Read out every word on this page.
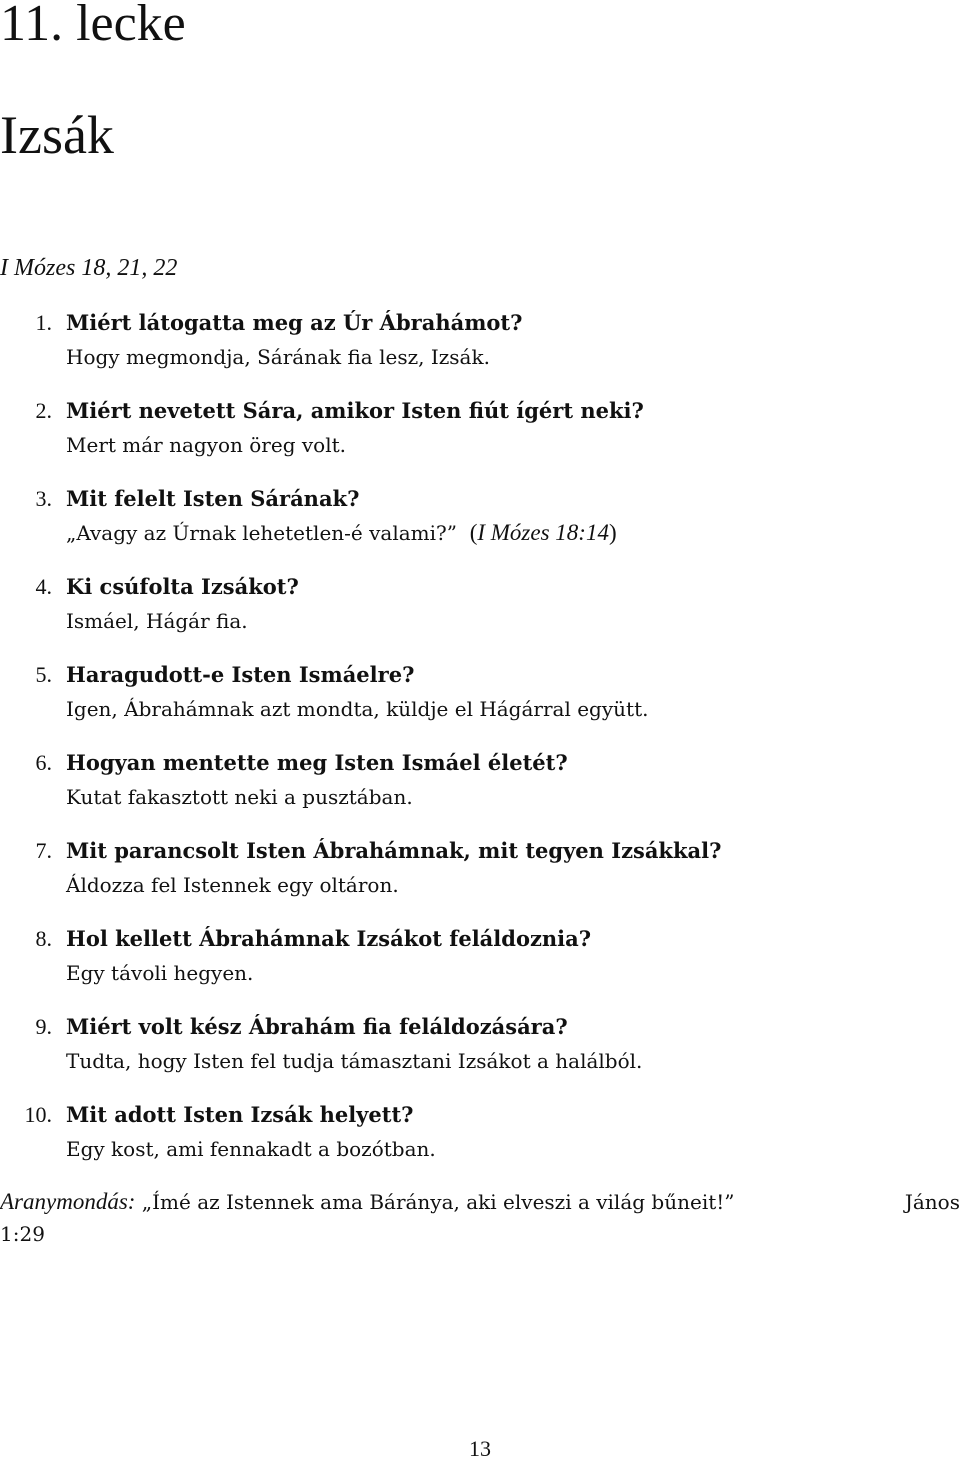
11. lecke
Izsák
I Mózes 18, 21, 22
1. Miért látogatta meg az Úr Ábrahámot?
Hogy megmondja, Sárának fia lesz, Izsák.
2. Miért nevetett Sára, amikor Isten fiút ígért neki?
Mert már nagyon öreg volt.
3. Mit felelt Isten Sárának?
„Avagy az Úrnak lehetetlen-é valami?” (I Mózes 18:14)
4. Ki csúfolta Izsákot?
Ismáel, Hágár fia.
5. Haragudott-e Isten Ismáelre?
Igen, Ábrahámnak azt mondta, küldje el Hágárral együtt.
6. Hogyan mentette meg Isten Ismáel életét?
Kutat fakasztott neki a pusztában.
7. Mit parancsolt Isten Ábrahámnak, mit tegyen Izsákkal?
Áldozza fel Istennek egy oltáron.
8. Hol kellett Ábrahámnak Izsákot feláldoznia?
Egy távoli hegyen.
9. Miért volt kész Ábrahám fia feláldozására?
Tudta, hogy Isten fel tudja támasztani Izsákot a halálból.
10. Mit adott Isten Izsák helyett?
Egy kost, ami fennakadt a bozótban.
Aranymondás: „Ímé az Istennek ama Báránya, aki elveszi a világ bűneit!”	János
1:29
13
